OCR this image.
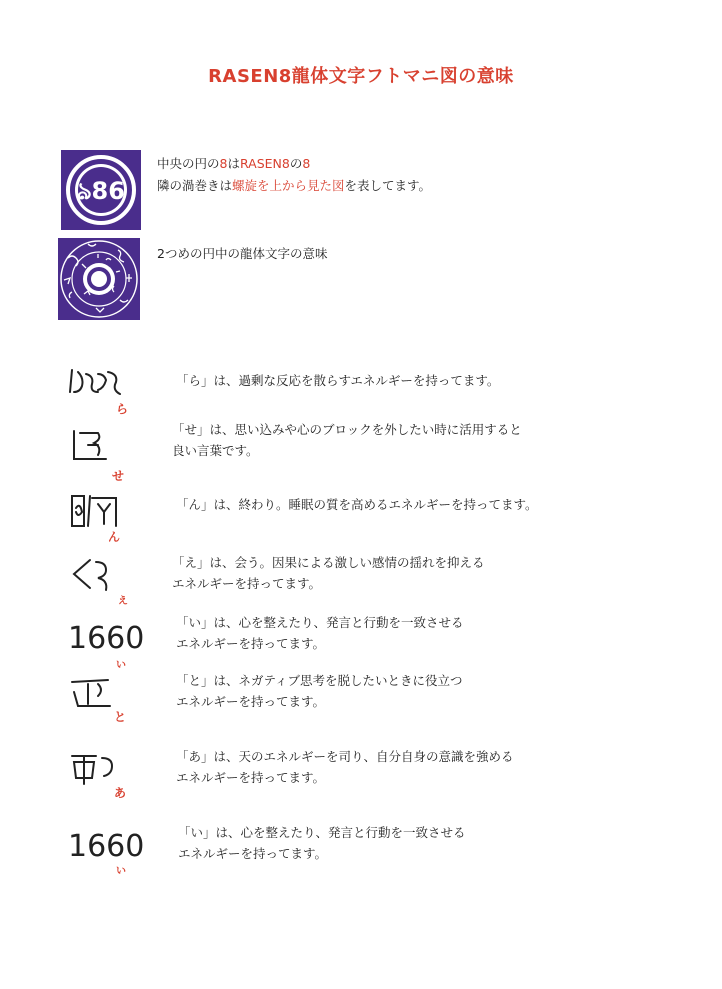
RASEN8龍体文字フトマニ図の意味
ঌ86
中央の円の8はRASEN8の8
隣の渦巻きは螺旋を上から見た図を表してます。
2つめの円中の龍体文字の意味
ら
「ら」は、過剰な反応を散らすエネルギーを持ってます。
せ
「せ」は、思い込みや心のブロックを外したい時に活用すると
良い言葉です。
ん
「ん」は、終わり。睡眠の質を高めるエネルギーを持ってます。
え
「え」は、会う。因果による激しい感情の揺れを抑える
エネルギーを持ってます。
1660
い
「い」は、心を整えたり、発言と行動を一致させる
エネルギーを持ってます。
と
「と」は、ネガティブ思考を脱したいときに役立つ
エネルギーを持ってます。
あ
「あ」は、天のエネルギーを司り、自分自身の意識を強める
エネルギーを持ってます。
1660
い
「い」は、心を整えたり、発言と行動を一致させる
エネルギーを持ってます。
